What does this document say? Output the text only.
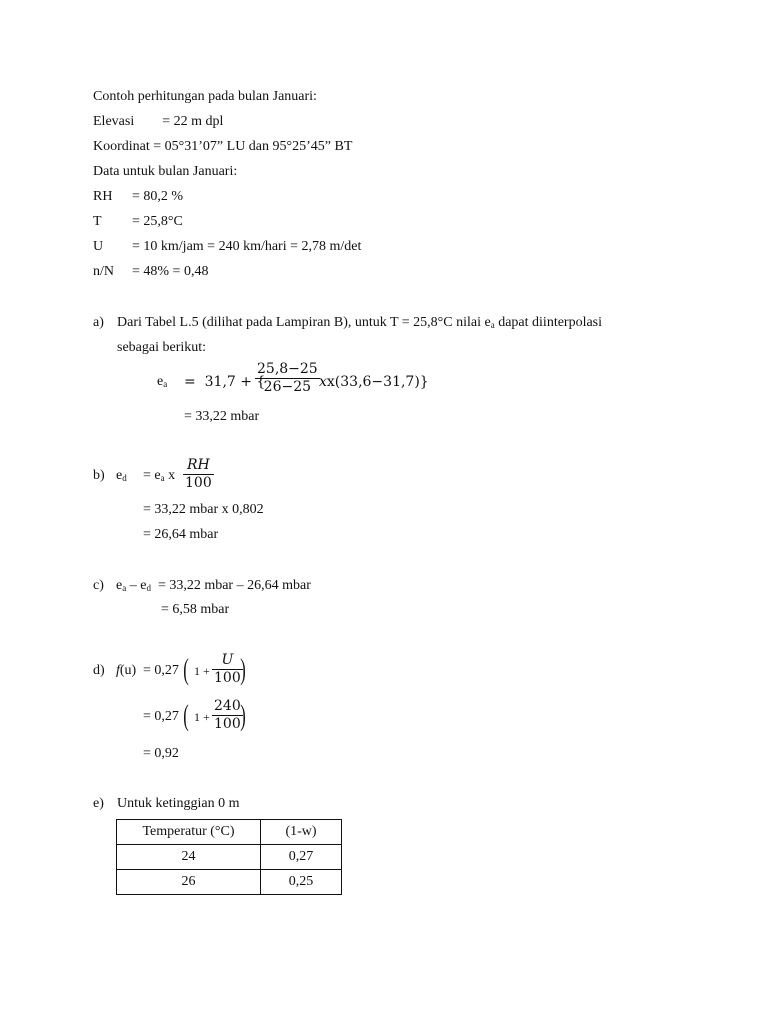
Contoh perhitungan pada bulan Januari:
Elevasi        = 22 m dpl
Koordinat = 05°31’07” LU dan 95°25’45” BT
Data untuk bulan Januari:
RH = 80,2 %
T = 25,8°C
U = 10 km/jam = 240 km/hari = 2,78 m/det
n/N = 48% = 0,48
a) Dari Tabel L.5 (dilihat pada Lampiran B), untuk T = 25,8°C nilai $e_a$ dapat diinterpolasi
sebagai berikut:
$e_a = 31,7$ + {
$\frac{25,8-25}{26-25} xx(33,6-31,7)$}
= 33,22 mbar
b) $e_d = e_a$ x $\frac{RH}{100}$
= 33,22 mbar x 0,802
= 26,64 mbar
c) $e_a - e_d = 33,22$ mbar – 26,64 mbar
= 6,58 mbar
d) f(u) = 0,27 ( $1 + \frac{U}{100}$
)
= 0,27 ( $1 + \frac{240}{100}$
)
= 0,92
e) Untuk ketinggian 0 m
Temperatur (°C)	(1-w)
24	0,27
26	0,25
